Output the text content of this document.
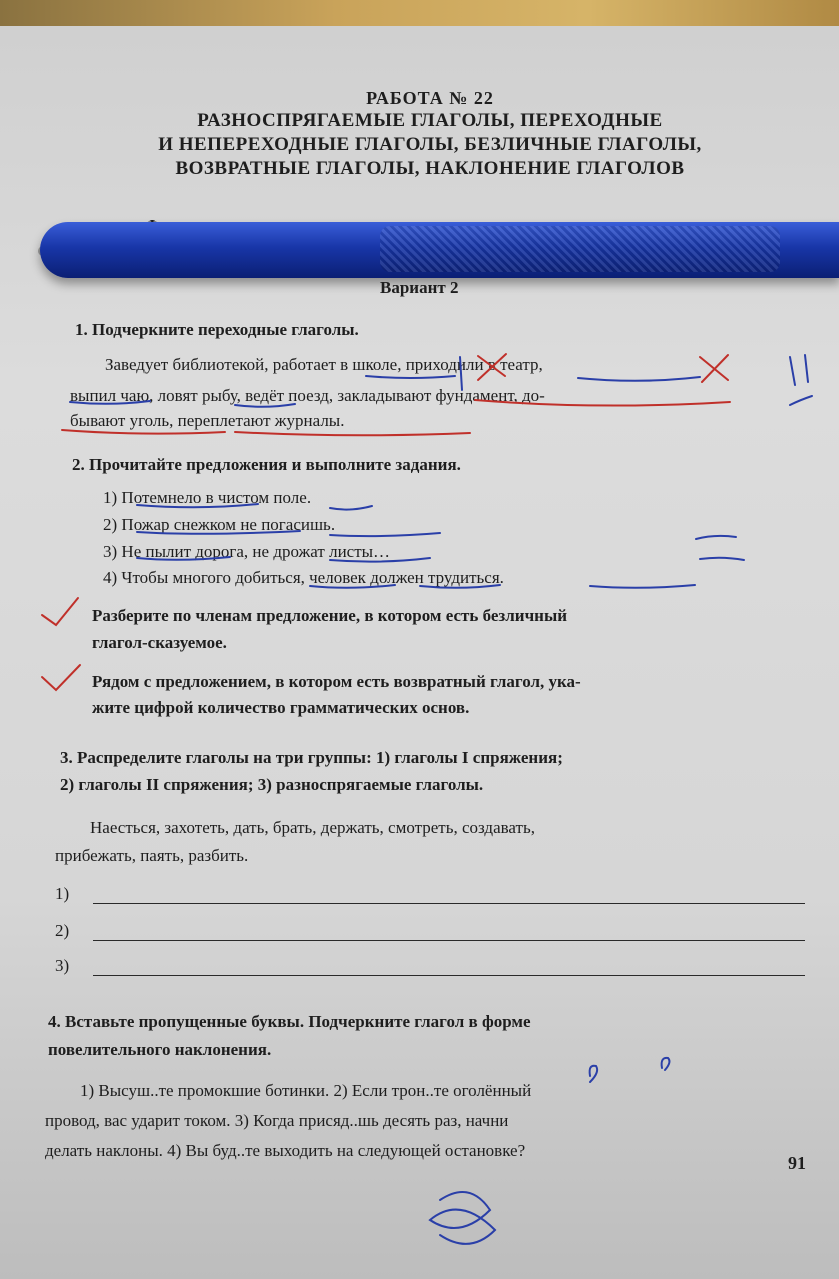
РАБОТА № 22
РАЗНОСПРЯГАЕМЫЕ ГЛАГОЛЫ, ПЕРЕХОДНЫЕ
И НЕПЕРЕХОДНЫЕ ГЛАГОЛЫ, БЕЗЛИЧНЫЕ ГЛАГОЛЫ,
ВОЗВРАТНЫЕ ГЛАГОЛЫ, НАКЛОНЕНИЕ ГЛАГОЛОВ
Вариант 2
1. Подчеркните переходные глаголы.
Заведует библиотекой, работает в школе, приходили в театр,
выпил чаю, ловят рыбу, ведёт поезд, закладывают фундамент, до-
бывают уголь, переплетают журналы.
2. Прочитайте предложения и выполните задания.
1) Потемнело в чистом поле.
2) Пожар снежком не погасишь.
3) Не пылит дорога, не дрожат листы…
4) Чтобы многого добиться, человек должен трудиться.
Разберите по членам предложение, в котором есть безличный
глагол-сказуемое.
Рядом с предложением, в котором есть возвратный глагол, ука-
жите цифрой количество грамматических основ.
3. Распределите глаголы на три группы: 1) глаголы I спряжения;
2) глаголы II спряжения; 3) разноспрягаемые глаголы.
Наесться, захотеть, дать, брать, держать, смотреть, создавать,
прибежать, паять, разбить.
1)
2)
3)
4. Вставьте пропущенные буквы. Подчеркните глагол в форме
повелительного наклонения.
1) Высуш..те промокшие ботинки. 2) Если трон..те оголённый
провод, вас ударит током. 3) Когда присяд..шь десять раз, начни
делать наклоны. 4) Вы буд..те выходить на следующей остановке?
91
